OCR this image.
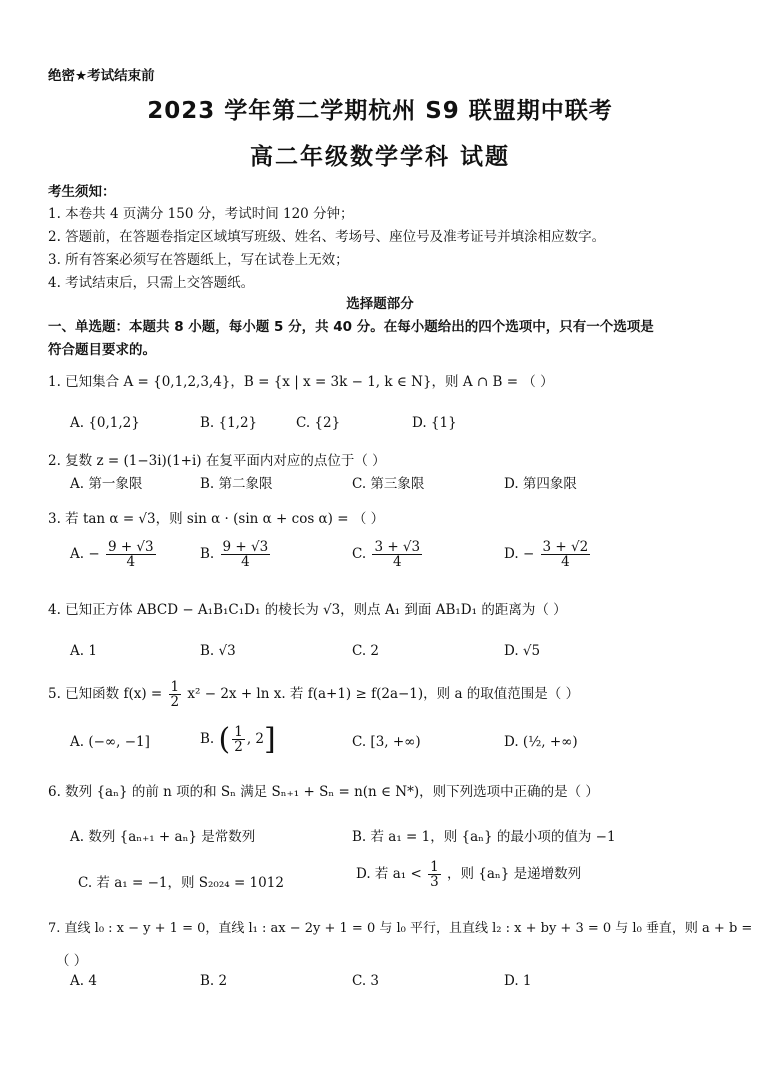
绝密★考试结束前
2023 学年第二学期杭州 S9 联盟期中联考
高二年级数学学科 试题
考生须知：
1. 本卷共 4 页满分 150 分，考试时间 120 分钟；
2. 答题前，在答题卷指定区域填写班级、姓名、考场号、座位号及准考证号并填涂相应数字。
3. 所有答案必须写在答题纸上，写在试卷上无效；
4. 考试结束后，只需上交答题纸。
选择题部分
一、单选题：本题共 8 小题，每小题 5 分，共 40 分。在每小题给出的四个选项中，只有一个选项是
符合题目要求的。
1. 已知集合 A = {0,1,2,3,4}，B = {x | x = 3k − 1, k ∈ N}，则 A ∩ B = （ ）
A. {0,1,2}	B. {1,2}	C. {2}	D. {1}
2. 复数 z = (1−3i)(1+i) 在复平面内对应的点位于（ ）
A. 第一象限	B. 第二象限	C. 第三象限	D. 第四象限
3. 若 tan α = √3，则 sin α · (sin α + cos α) = （ ）
A. − $\frac{9 + √3}{4}$	B. $\frac{9 + √3}{4}$	C. $\frac{3 + √3}{4}$	D. − $\frac{3 + √2}{4}$
4. 已知正方体 ABCD − A₁B₁C₁D₁ 的棱长为 √3，则点 A₁ 到面 AB₁D₁ 的距离为（ ）
A. 1	B. √3	C. 2	D. √5
5. 已知函数 $f(x) = \frac{1}{2} x^2 - 2x + \ln x$. 若 f(a+1) ≥ f(2a−1)，则 a 的取值范围是（ ）
A. (−∞, −1]	B. ( $\frac{1}{2}$ , 2]	C. [3, +∞)	D. (½, +∞)
6. 数列 {aₙ} 的前 n 项的和 Sₙ 满足 Sₙ₊₁ + Sₙ = n(n ∈ N*)，则下列选项中正确的是（ ）
A. 数列 {aₙ₊₁ + aₙ} 是常数列	B. 若 a₁ = 1，则 {aₙ} 的最小项的值为 −1
C. 若 a₁ = −1，则 S₂₀₂₄ = 1012
D. 若 $a_1 < \frac{1}{3}$ ，则 {aₙ} 是递增数列
7. 直线 l₀ : x − y + 1 = 0，直线 l₁ : ax − 2y + 1 = 0 与 l₀ 平行，且直线 l₂ : x + by + 3 = 0 与 l₀ 垂直，则 a + b =
（ ）
A. 4	B. 2	C. 3	D. 1
